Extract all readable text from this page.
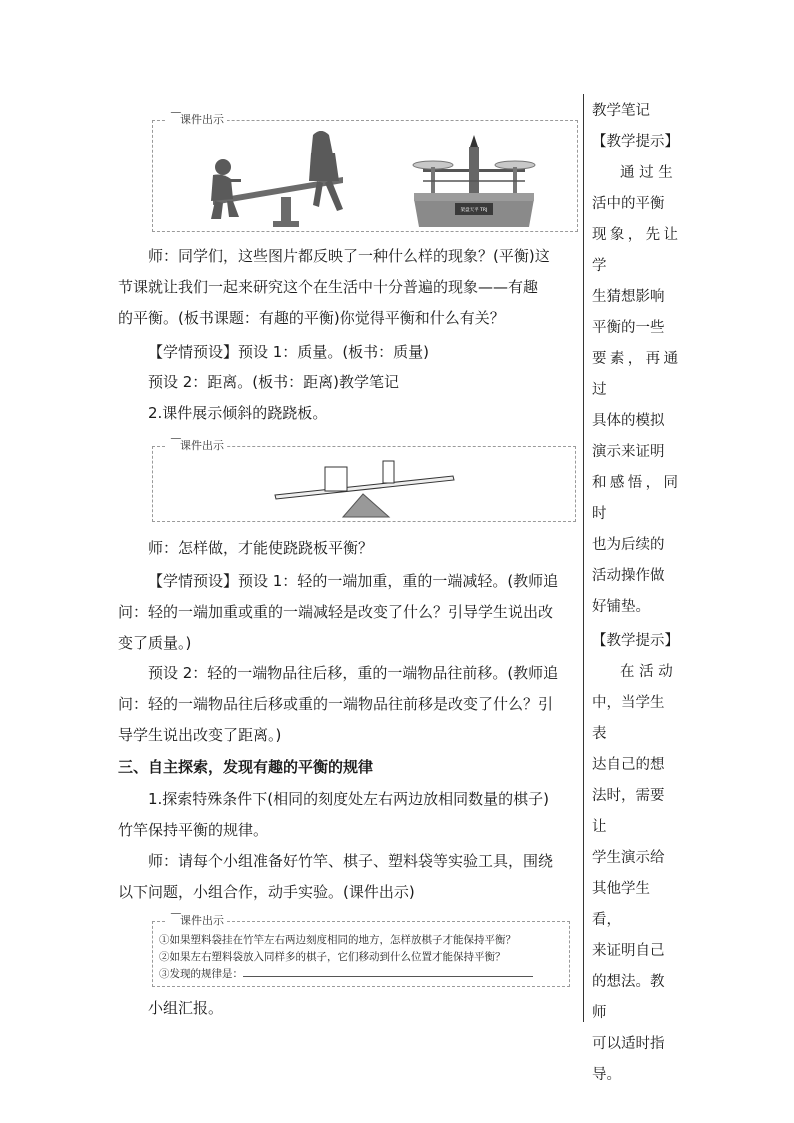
课件出示
架盘天平 TRJ
师：同学们，这些图片都反映了一种什么样的现象？(平衡)这
节课就让我们一起来研究这个在生活中十分普遍的现象——有趣
的平衡。(板书课题：有趣的平衡)你觉得平衡和什么有关？
【学情预设】预设 1：质量。(板书：质量)
预设 2：距离。(板书：距离)教学笔记
2.课件展示倾斜的跷跷板。
课件出示
师：怎样做，才能使跷跷板平衡？
【学情预设】预设 1：轻的一端加重，重的一端减轻。(教师追
问：轻的一端加重或重的一端减轻是改变了什么？引导学生说出改
变了质量。)
预设 2：轻的一端物品往后移，重的一端物品往前移。(教师追
问：轻的一端物品往后移或重的一端物品往前移是改变了什么？引
导学生说出改变了距离。)
三、自主探索，发现有趣的平衡的规律
1.探索特殊条件下(相同的刻度处左右两边放相同数量的棋子)
竹竿保持平衡的规律。
师：请每个小组准备好竹竿、棋子、塑料袋等实验工具，围绕
以下问题，小组合作，动手实验。(课件出示)
课件出示
①如果塑料袋挂在竹竿左右两边刻度相同的地方，怎样放棋子才能保持平衡？
②如果左右塑料袋放入同样多的棋子，它们移动到什么位置才能保持平衡？
③发现的规律是：
小组汇报。
教学笔记
【教学提示】
通 过 生
活中的平衡
现象，先让学
生猜想影响
平衡的一些
要素，再通过
具体的模拟
演示来证明
和感悟，同时
也为后续的
活动操作做
好铺垫。
【教学提示】
在 活 动
中，当学生表
达自己的想
法时，需要让
学生演示给
其他学生看，
来证明自己
的想法。教师
可以适时指
导。
